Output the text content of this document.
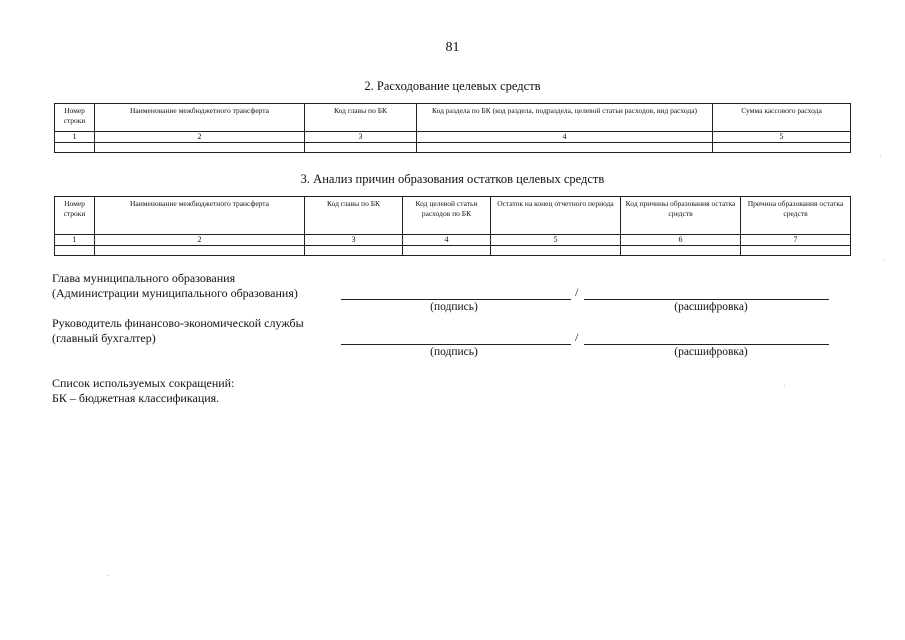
81
2. Расходование целевых средств
Номер строки	Наименование межбюджетного трансферта	Код главы по БК	Код раздела по БК (код раздела, подраздела, целевой статьи расходов, вид расхода)	Сумма кассового расхода
1	2	3	4	5

3. Анализ причин образования остатков целевых средств
Номер строки	Наименование межбюджетного трансферта	Код главы по БК	Код целевой статьи расходов по БК	Остаток на конец отчетного периода	Код причины образования остатка средств	Причина образования остатка средств
1	2	3	4	5	6	7

Глава муниципального образования
(Администрации муниципального образования)	/
(подпись)	(расшифровка)
Руководитель финансово-экономической службы
(главный бухгалтер)	/
(подпись)	(расшифровка)
Список используемых сокращений:
БК – бюджетная классификация.
